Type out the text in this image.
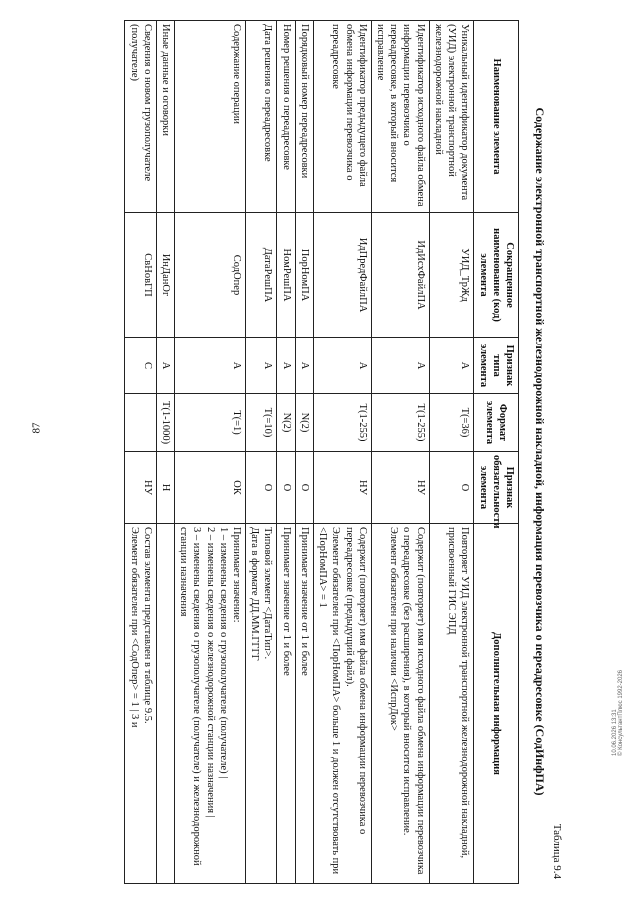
87
Таблица 9.4
Содержание электронной транспортной железнодорожной накладной, информация перевозчика о переадресовке (СодИнфПА)
Наименование элемента	Сокращенное наименование (код) элемента	Признак типа элемента	Формат элемента	Признак обязательности элемента	Дополнительная информация
Уникальный идентификатор документа (УИД) электронной транспортной железнодорожной накладной	УИД_ТрЖд	А	T(=36)	О	Повторяет УИД электронной транспортной железнодорожной накладной, присвоенный ГИС ЭПД
Идентификатор исходного файла обмена информации перевозчика о переадресовке, в который вносится исправление	ИдИсхФайлПА	А	T(1-255)	НУ	Содержит (повторяет) имя исходного файла обмена информации перевозчика о переадресовке (без расширения), в который вносится исправление.
Элемент обязателен при наличии <ИспрДок>
Идентификатор предыдущего файла обмена информации перевозчика о переадресовке	ИдПредФайлПА	А	T(1-255)	НУ	Содержит (повторяет) имя файла обмена информации перевозчика о переадресовке (предыдущий файл).
Элемент обязателен при <ПорНомПА> больше 1 и должен отсутствовать при <ПорНомПА> = 1
Порядковый номер переадресовки	ПорНомПА	А	N(2)	О	Принимает значение от 1 и более
Номер решения о переадресовке	НомРешПА	А	N(2)	О	Принимает значение от 1 и более
Дата решения о переадресовке	ДатаРешПА	А	T(=10)	О	Типовой элемент <ДатаТип>.
Дата в формате ДД.ММ.ГГГГ
Содержание операции	СодОпер	А	T(=1)	ОК	Принимает значение:
1 – изменены сведения о грузополучателе (получателе) |
2 – изменены сведения о железнодорожной станции назначения |
3 – изменены сведения о грузополучателе (получателе) и железнодорожной станции назначения
Иные данные и оговорки	ИнДанОг	А	T(1-1000)	Н	
Сведения о новом грузополучателе (получателе)	СвНовГП	С		НУ	Состав элемента представлен в таблице 9.5.
Элемент обязателен при <СодОпер> = 1 | 3 и
10.06.2026 13:31 © КонсультантПлюс 1992-2026
